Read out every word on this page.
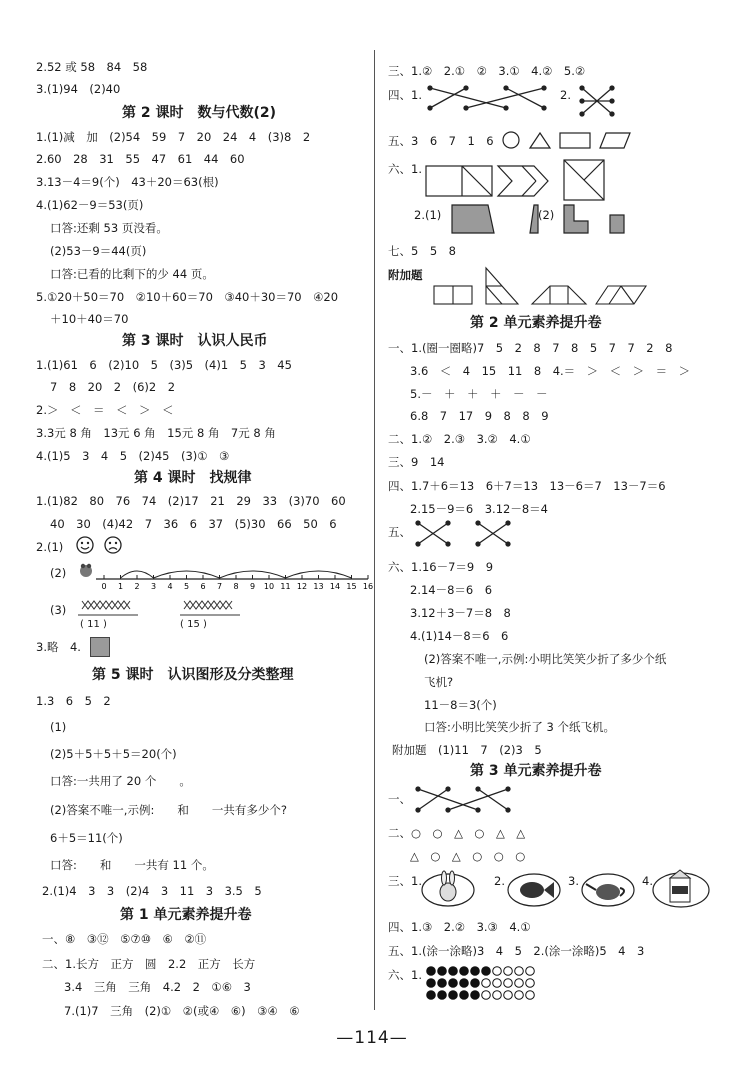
2.52 或 58　84　58
3.(1)94　(2)40
第 2 课时　数与代数(2)
1.(1)减　加　(2)54　59　7　20　24　4　(3)8　2
2.60　28　31　55　47　61　44　60
3.13－4＝9(个)　43＋20＝63(根)
4.(1)62－9＝53(页)
口答:还剩 53 页没看。
(2)53－9＝44(页)
口答:已看的比剩下的少 44 页。
5.①20＋50＝70　②10＋60＝70　③40＋30＝70　④20
＋10＋40＝70
第 3 课时　认识人民币
1.(1)61　6　(2)10　5　(3)5　(4)1　5　3　45
7　8　20　2　(6)2　2
2.＞　＜　＝　＜　＞　＜
3.3元 8 角　13元 6 角　15元 8 角　7元 8 角
4.(1)5　3　4　5　(2)45　(3)①　③
第 4 课时　找规律
1.(1)82　80　76　74　(2)17　21　29　33　(3)70　60
40　30　(4)42　7　36　6　37　(5)30　66　50　6
2.(1)
(2)
0 1 2 3 4 5 6 7 8 9 10 11 12 13 14 15 16
(3)
( 11 )	( 15 )
3.略　4.
第 5 课时　认识图形及分类整理
1.3　6　5　2
(1)
(2)5＋5＋5＋5＝20(个)
口答:一共用了 20 个　　。
(2)答案不唯一,示例:　　和　　一共有多少个?
6＋5＝11(个)
口答:　　和　　一共有 11 个。
2.(1)4　3　3　(2)4　3　11　3　3.5　5
第 1 单元素养提升卷
一、⑧　③⑫　⑤⑦⑩　⑥　②⑪
二、1.长方　正方　圆　2.2　正方　长方
3.4　三角　三角　4.2　2　①⑥　3
7.(1)7　三角　(2)①　②(或④　⑥)　③④　⑥
三、1.②　2.①　②　3.①　4.②　5.②
四、1.	2.
五、3　6　7　1　6
六、1.
2.(1)	(2)
七、5　5　8
附加题
第 2 单元素养提升卷
一、1.(圈一圈略)7　5　2　8　7　8　5　7　7　2　8
3.6　＜　4　15　11　8　4.＝　＞　＜　＞　＝　＞
5.－　＋　＋　＋　－　－
6.8　7　17　9　8　8　9
二、1.②　2.③　3.②　4.①
三、9　14
四、1.7＋6＝13　6＋7＝13　13－6＝7　13－7＝6
2.15－9＝6　3.12－8＝4
五、
六、1.16－7＝9　9
2.14－8＝6　6
3.12＋3－7＝8　8
4.(1)14－8＝6　6
(2)答案不唯一,示例:小明比笑笑少折了多少个纸
飞机?
11－8＝3(个)
口答:小明比笑笑少折了 3 个纸飞机。
附加题　(1)11　7　(2)3　5
第 3 单元素养提升卷
一、
二、○　○　△　○　△　△
△　○　△　○　○　○
三、1.	2.	3.	4.
四、1.③　2.②　3.③　4.①
五、1.(涂一涂略)3　4　5　2.(涂一涂略)5　4　3
六、1.
—114—
